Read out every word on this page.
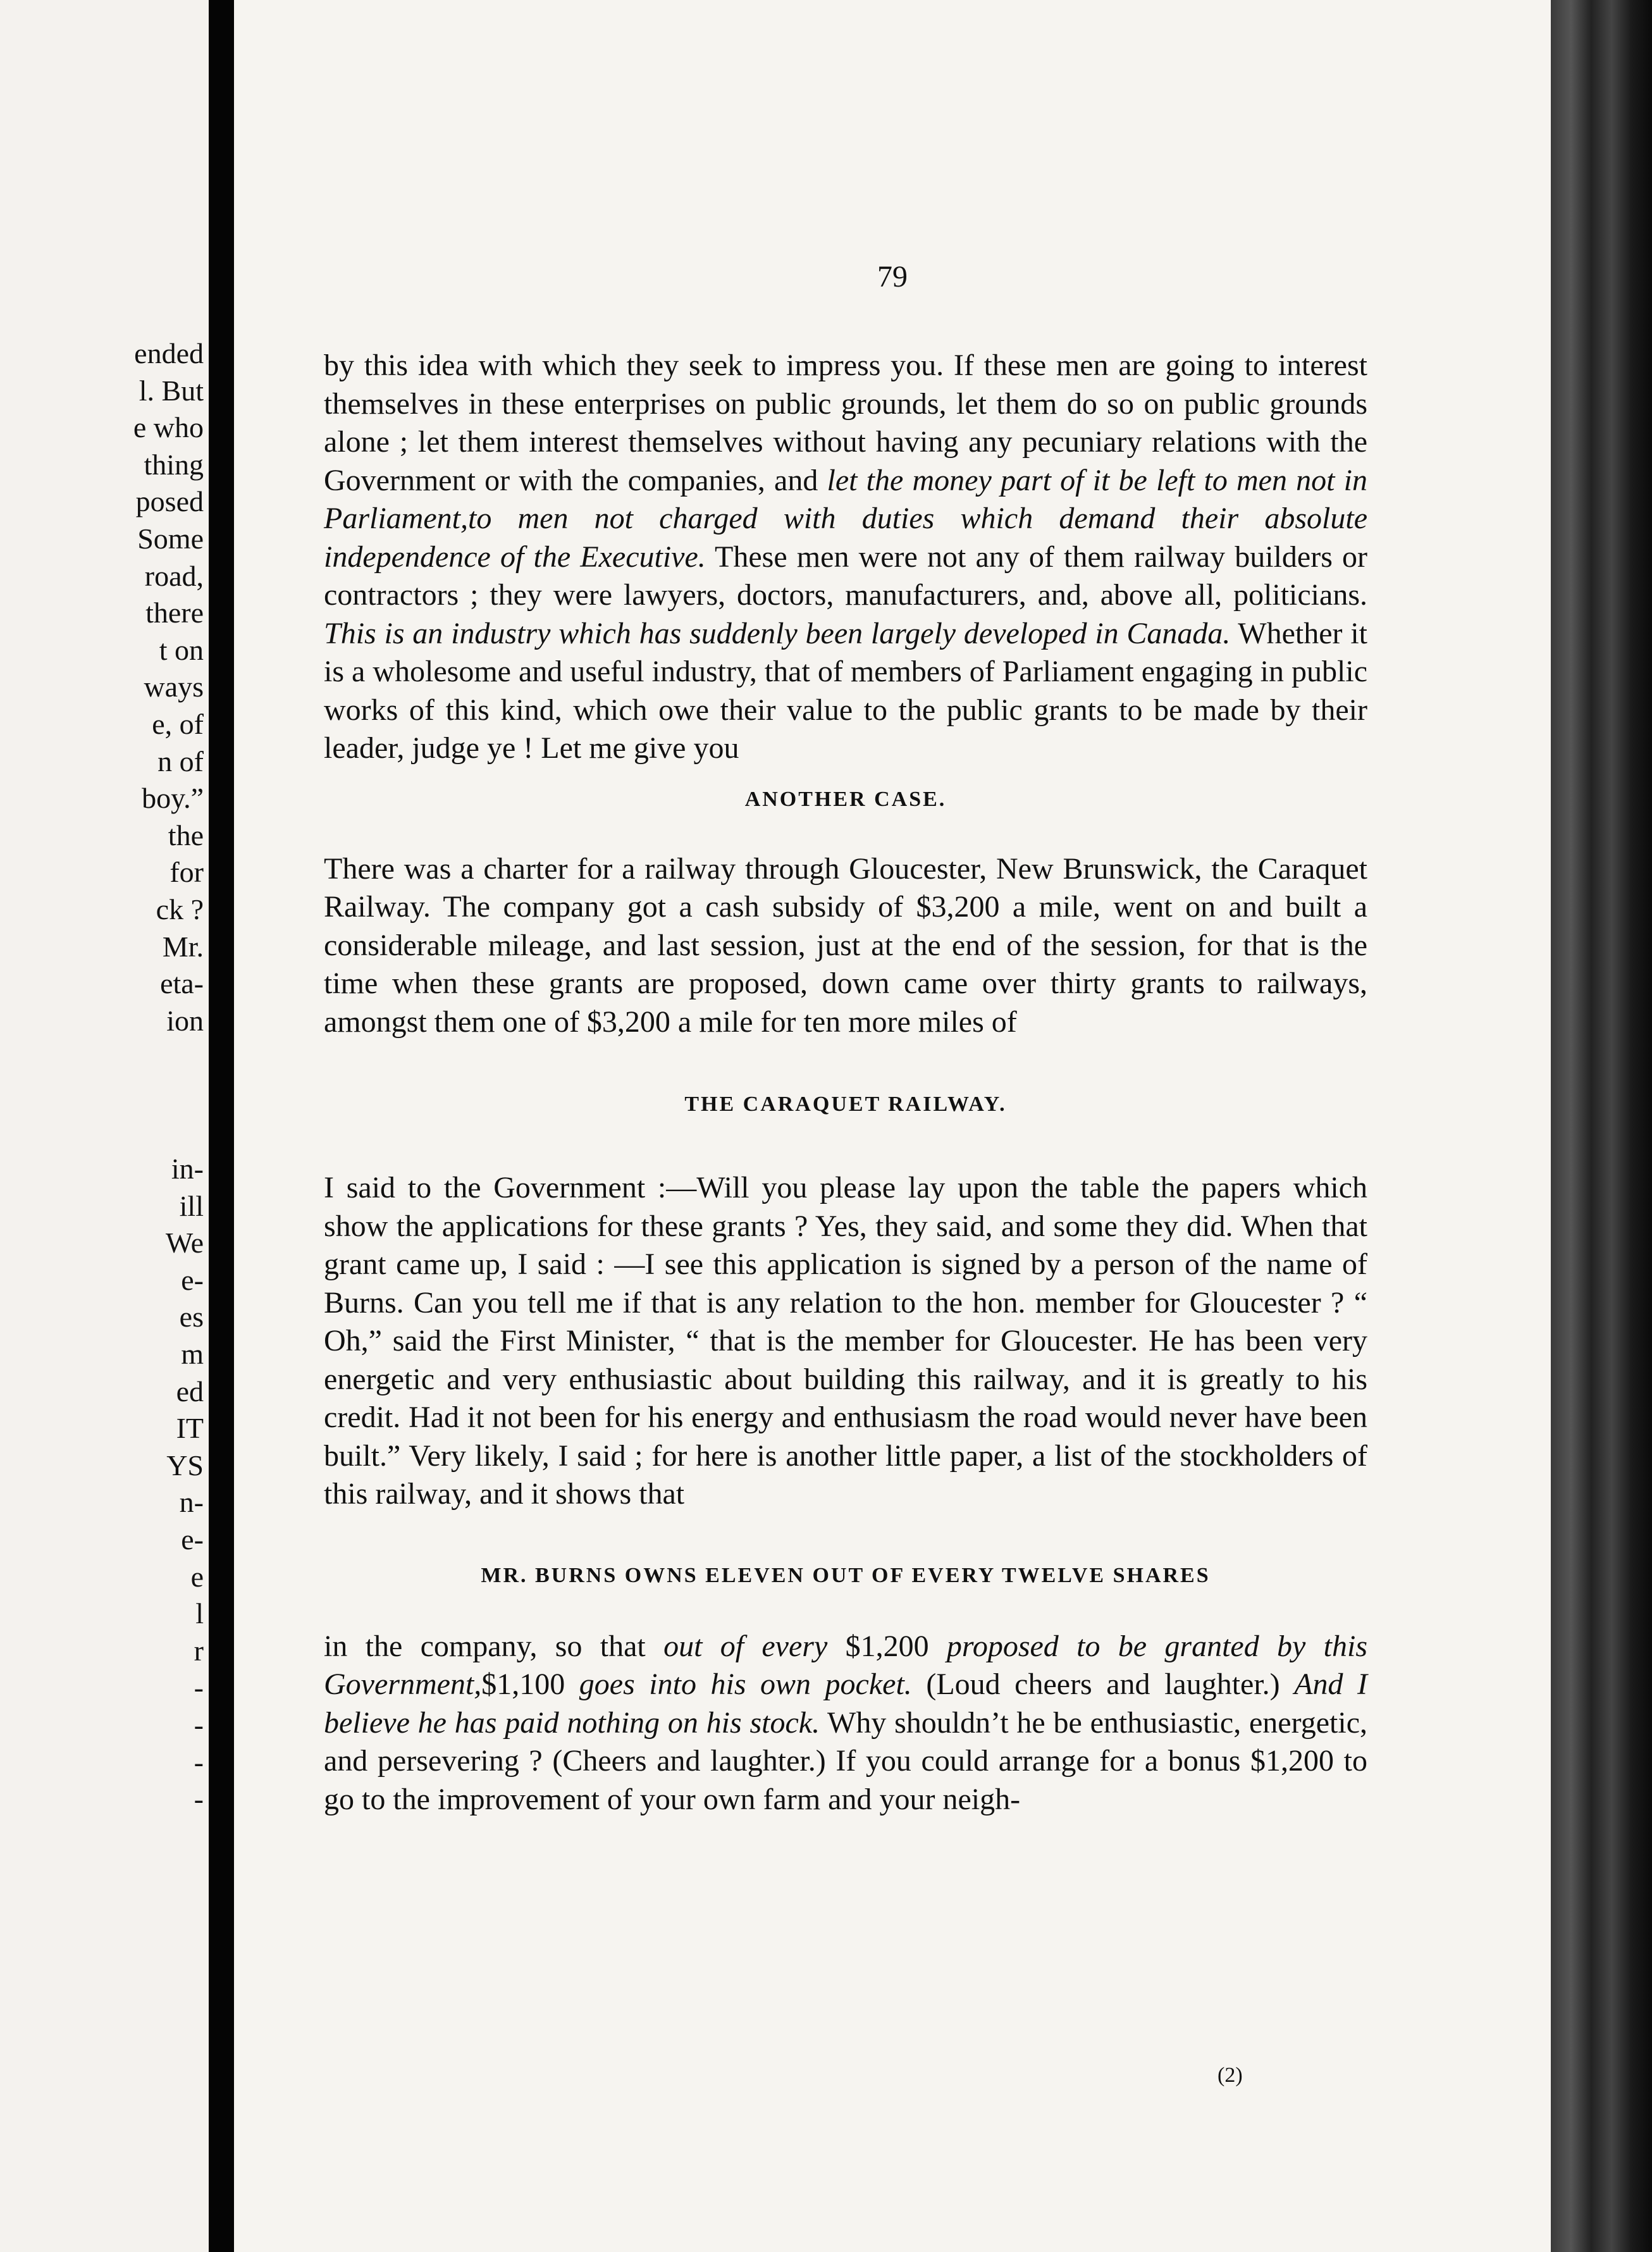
ended
l. But
e who
thing
posed
Some
road,
there
t on
ways
e, of
n of
boy.”
the
for
ck ?
Mr.
eta-
ion
in-
ill
We
e-
es
m
ed
IT
YS
n-
e-
e
l
r
-
-
-
-
79

by this idea with which they seek to impress you. If these men are going to interest themselves in these enterprises on public grounds, let them do so on public grounds alone ; let them interest themselves without having any pecuniary relations with the Government or with the companies, and let the money part of it be left to men not in Parliament,to men not charged with duties which demand their absolute independence of the Executive. These men were not any of them railway builders or contractors ; they were lawyers, doctors, manufacturers, and, above all, politicians. This is an industry which has suddenly been largely developed in Canada. Whether it is a wholesome and useful industry, that of members of Parliament engaging in public works of this kind, which owe their value to the public grants to be made by their leader, judge ye ! Let me give you

ANOTHER CASE.

There was a charter for a railway through Gloucester, New Brunswick, the Caraquet Railway. The company got a cash subsidy of $3,200 a mile, went on and built a considerable mileage, and last session, just at the end of the session, for that is the time when these grants are proposed, down came over thirty grants to railways, amongst them one of $3,200 a mile for ten more miles of

THE CARAQUET RAILWAY.

I said to the Government :—Will you please lay upon the table the papers which show the applications for these grants ? Yes, they said, and some they did. When that grant came up, I said : —I see this application is signed by a person of the name of Burns. Can you tell me if that is any relation to the hon. member for Gloucester ? “ Oh,” said the First Minister, “ that is the member for Gloucester. He has been very energetic and very enthusiastic about building this railway, and it is greatly to his credit. Had it not been for his energy and enthusiasm the road would never have been built.” Very likely, I said ; for here is another little paper, a list of the stockholders of this railway, and it shows that

MR. BURNS OWNS ELEVEN OUT OF EVERY TWELVE SHARES

in the company, so that out of every $1,200 proposed to be granted by this Government,$1,100 goes into his own pocket. (Loud cheers and laughter.) And I believe he has paid nothing on his stock. Why shouldn’t he be enthusiastic, energetic, and persevering ? (Cheers and laughter.) If you could arrange for a bonus $1,200 to go to the improvement of your own farm and your neigh-

(2)
